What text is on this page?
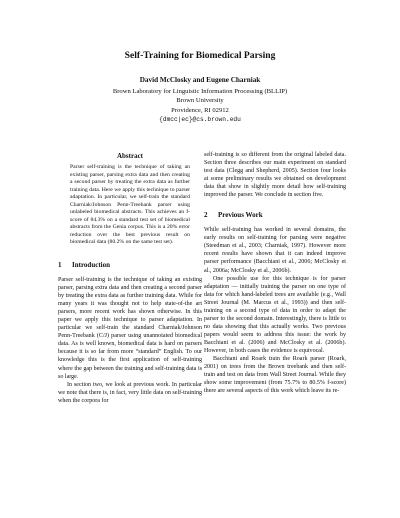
Self-Training for Biomedical Parsing
David McClosky and Eugene Charniak
Brown Laboratory for Linguistic Information Processing (BLLIP)
Brown University
Providence, RI 02912
{dmcc|ec}@cs.brown.edu
Abstract

Parser self-training is the technique of taking an existing parser, parsing extra data and then creating a second parser by treating the extra data as further training data. Here we apply this technique to parser adaptation. In particular, we self-train the standard Charniak/Johnson Penn-Treebank parser using unlabeled biomedical abstracts. This achieves an f-score of 84.3% on a standard test set of biomedical abstracts from the Genia corpus. This is a 20% error reduction over the best previous result on biomedical data (80.2% on the same test set).

1 Introduction

Parser self-training is the technique of taking an existing parser, parsing extra data and then creating a second parser by treating the extra data as further training data. While for many years it was thought not to help state-of-the art parsers, more recent work has shown otherwise. In this paper we apply this technique to parser adaptation. In particular we self-train the standard Charniak/Johnson Penn-Treebank (C/J) parser using unannotated biomedical data. As is well known, biomedical data is hard on parsers because it is so far from more “standard” English. To our knowledge this is the first application of self-training where the gap between the training and self-training data is so large.

In section two, we look at previous work. In particular we note that there is, in fact, very little data on self-training when the corpora for

self-training is so different from the original labeled data. Section three describes our main experiment on standard test data (Clegg and Shepherd, 2005). Section four looks at some preliminary results we obtained on development data that show in slightly more detail how self-training improved the parser. We conclude in section five.

2 Previous Work

While self-training has worked in several domains, the early results on self-training for parsing were negative (Steedman et al., 2003; Charniak, 1997). However more recent results have shown that it can indeed improve parser performance (Bacchiani et al., 2006; McClosky et al., 2006a; McClosky et al., 2006b).

One possible use for this technique is for parser adaptation — initially training the parser on one type of data for which hand-labeled trees are available (e.g., Wall Street Journal (M. Marcus et al., 1993)) and then self-training on a second type of data in order to adapt the parser to the second domain. Interestingly, there is little to no data showing that this actually works. Two previous papers would seem to address this issue: the work by Bacchiani et al. (2006) and McClosky et al. (2006b). However, in both cases the evidence is equivocal.

Bacchiani and Roark train the Roark parser (Roark, 2001) on trees from the Brown treebank and then self-train and test on data from Wall Street Journal. While they show some improvement (from 75.7% to 80.5% f-score) there are several aspects of this work which leave its re-
